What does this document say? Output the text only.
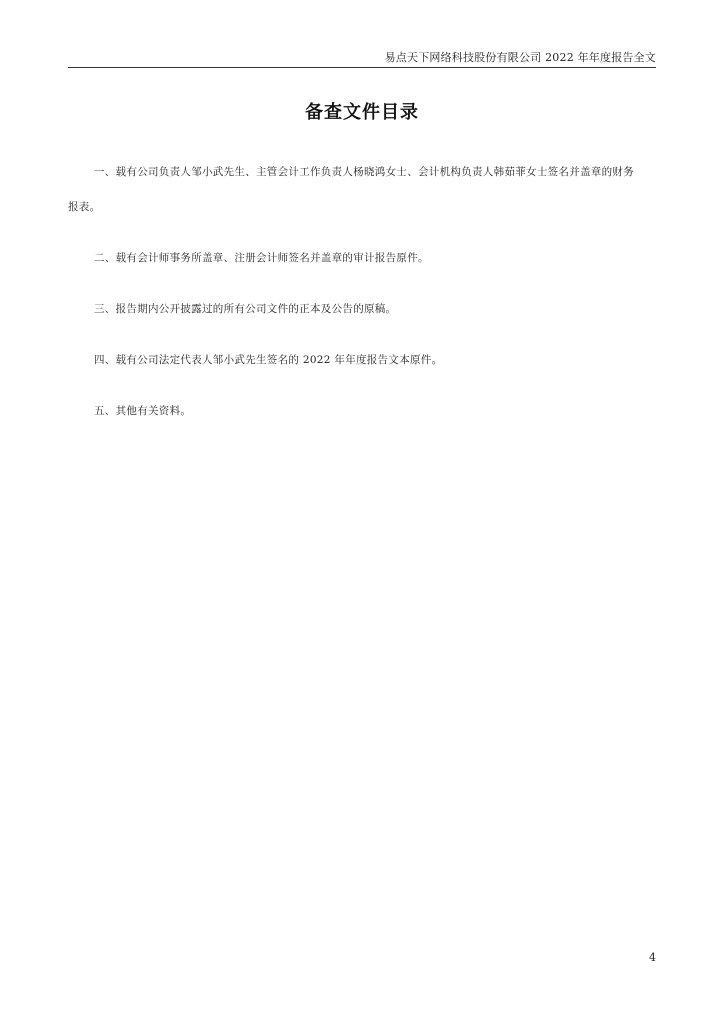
易点天下网络科技股份有限公司 2022 年年度报告全文
备查文件目录
一、载有公司负责人邹小武先生、主管会计工作负责人杨晓鸿女士、会计机构负责人韩茹菲女士签名并盖章的财务
报表。
二、载有会计师事务所盖章、注册会计师签名并盖章的审计报告原件。
三、报告期内公开披露过的所有公司文件的正本及公告的原稿。
四、载有公司法定代表人邹小武先生签名的 2022 年年度报告文本原件。
五、其他有关资料。
4
